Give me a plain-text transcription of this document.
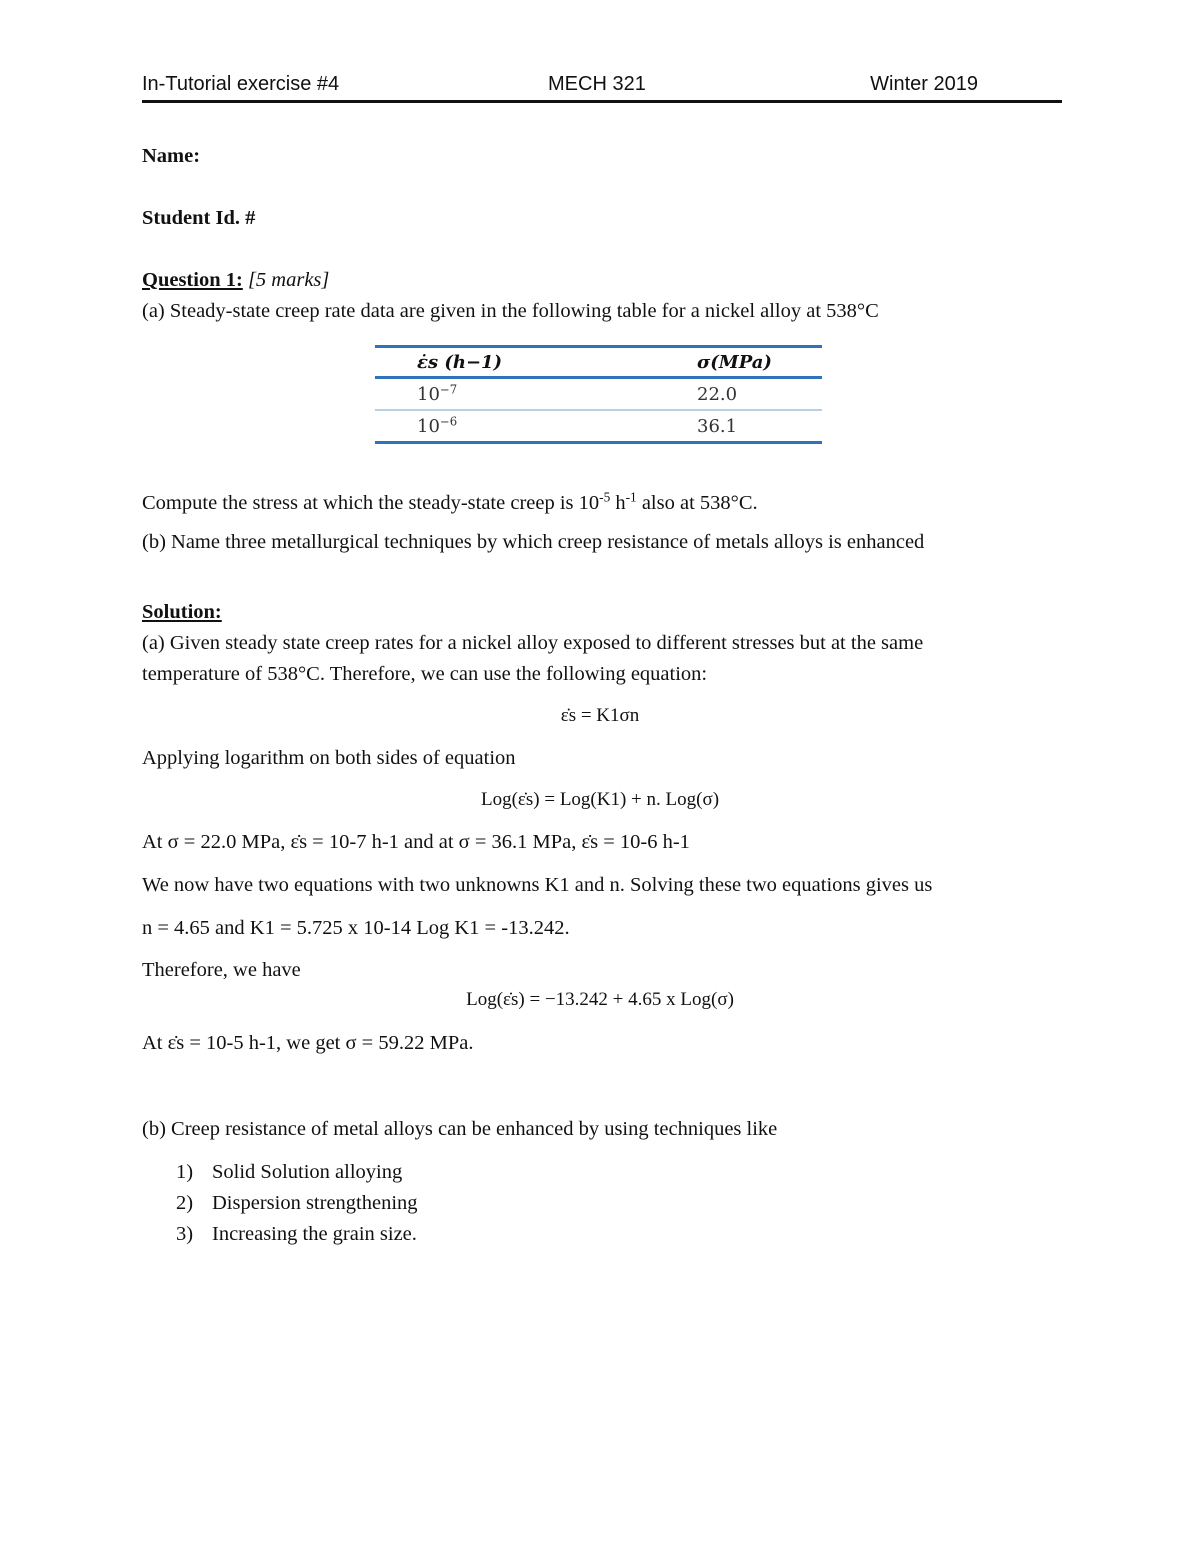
In-Tutorial exercise #4	MECH 321	Winter 2019
Name:
Student Id. #
Question 1: [5 marks]
(a) Steady-state creep rate data are given in the following table for a nickel alloy at 538°C
ε̇s (h−1)	σ(MPa)
$10^{-7}$	22.0
$10^{-6}$	36.1
Compute the stress at which the steady-state creep is $10^{-5}$ $h^{-1}$ also at 538°C.
(b) Name three metallurgical techniques by which creep resistance of metals alloys is enhanced
Solution:
(a) Given steady state creep rates for a nickel alloy exposed to different stresses but at the same
temperature of 538°C. Therefore, we can use the following equation:
ε̇s = K1σn
Applying logarithm on both sides of equation
Log(ε̇s) = Log(K1) + n. Log(σ)
At σ = 22.0 MPa, ε̇s = 10-7 h-1 and at σ = 36.1 MPa, ε̇s = 10-6 h-1
We now have two equations with two unknowns K1 and n. Solving these two equations gives us
n = 4.65 and K1 = 5.725 x 10-14 Log K1 = -13.242.
Therefore, we have
Log(ε̇s) = −13.242 + 4.65 x Log(σ)
At ε̇s = 10-5 h-1, we get σ = 59.22 MPa.
(b) Creep resistance of metal alloys can be enhanced by using techniques like
1) Solid Solution alloying
2) Dispersion strengthening
3) Increasing the grain size.
